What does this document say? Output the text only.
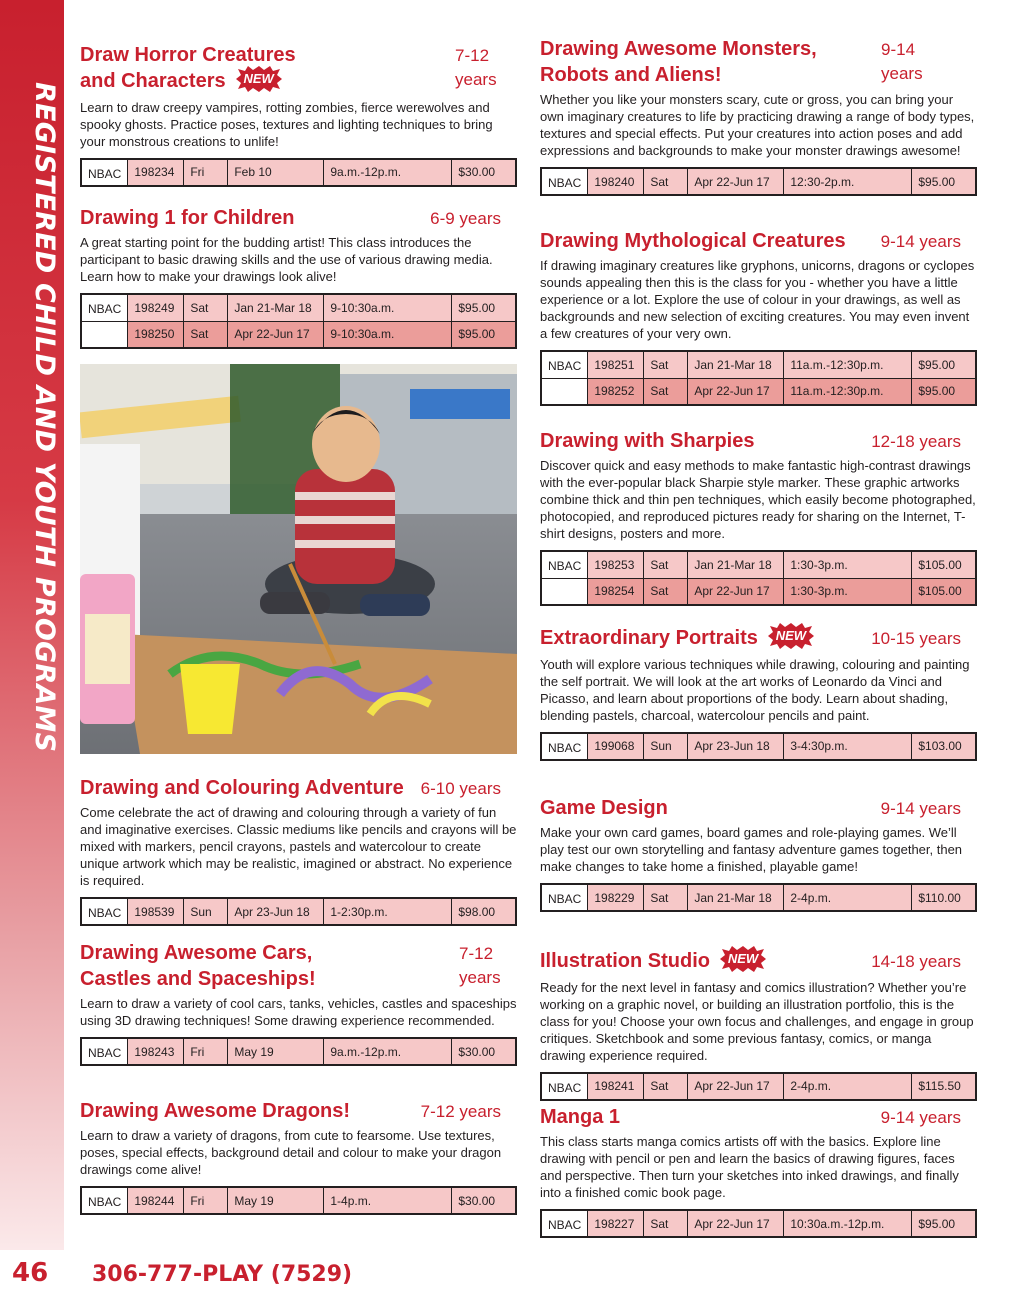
REGISTERED CHILD AND YOUTH PROGRAMS
46 306-777-PLAY (7529)
Draw Horror Creatures and Characters	NEW
7-12 years
Learn to draw creepy vampires, rotting zombies, fierce werewolves and spooky ghosts. Practice poses, textures and lighting techniques to bring your monstrous creations to unlife!
NBAC	198234	Fri	Feb 10	9a.m.-12p.m.	$30.00
Drawing 1 for Children	6-9 years
A great starting point for the budding artist! This class introduces the participant to basic drawing skills and the use of various drawing media. Learn how to make your drawings look alive!
NBAC	198249	Sat	Jan 21-Mar 18	9-10:30a.m.	$95.00
	198250	Sat	Apr 22-Jun 17	9-10:30a.m.	$95.00
Drawing and Colouring Adventure 6-10 years
Come celebrate the act of drawing and colouring through a variety of fun and imaginative exercises. Classic mediums like pencils and crayons will be mixed with markers, pencil crayons, pastels and watercolour to create unique artwork which may be realistic, imagined or abstract. No experience is required.
NBAC	198539	Sun	Apr 23-Jun 18	1-2:30p.m.	$98.00
Drawing Awesome Cars, Castles and Spaceships!
7-12 years
Learn to draw a variety of cool cars, tanks, vehicles, castles and spaceships using 3D drawing techniques! Some drawing experience recommended.
NBAC	198243	Fri	May 19	9a.m.-12p.m.	$30.00
Drawing Awesome Dragons!	7-12 years
Learn to draw a variety of dragons, from cute to fearsome. Use textures, poses, special effects, background detail and colour to make your dragon drawings come alive!
NBAC	198244	Fri	May 19	1-4p.m.	$30.00
Drawing Awesome Monsters, Robots and Aliens!
9-14 years
Whether you like your monsters scary, cute or gross, you can bring your own imaginary creatures to life by practicing drawing a range of body types, textures and special effects. Put your creatures into action poses and add expressions and backgrounds to make your monster drawings awesome!
NBAC	198240	Sat	Apr 22-Jun 17	12:30-2p.m.	$95.00
Drawing Mythological Creatures 9-14 years
If drawing imaginary creatures like gryphons, unicorns, dragons or cyclopes sounds appealing then this is the class for you - whether you have a little experience or a lot. Explore the use of colour in your drawings, as well as backgrounds and new selection of exciting creatures. You may even invent a few creatures of your very own.
NBAC	198251	Sat	Jan 21-Mar 18	11a.m.-12:30p.m.	$95.00
	198252	Sat	Apr 22-Jun 17	11a.m.-12:30p.m.	$95.00
Drawing with Sharpies	12-18 years
Discover quick and easy methods to make fantastic high-contrast drawings with the ever-popular black Sharpie style marker. These graphic artworks combine thick and thin pen techniques, which easily become photographed, photocopied, and reproduced pictures ready for sharing on the Internet, T-shirt designs, posters and more.
NBAC	198253	Sat	Jan 21-Mar 18	1:30-3p.m.	$105.00
	198254	Sat	Apr 22-Jun 17	1:30-3p.m.	$105.00
Extraordinary Portraits	NEW	10-15 years
Youth will explore various techniques while drawing, colouring and painting the self portrait. We will look at the art works of Leonardo da Vinci and Picasso, and learn about proportions of the body. Learn about shading, blending pastels, charcoal, watercolour pencils and paint.
NBAC	199068	Sun	Apr 23-Jun 18	3-4:30p.m.	$103.00
Game Design	9-14 years
Make your own card games, board games and role-playing games. We’ll play test our own storytelling and fantasy adventure games together, then make changes to take home a finished, playable game!
NBAC	198229	Sat	Jan 21-Mar 18	2-4p.m.	$110.00
Illustration Studio	NEW	14-18 years
Ready for the next level in fantasy and comics illustration? Whether you’re working on a graphic novel, or building an illustration portfolio, this is the class for you! Choose your own focus and challenges, and engage in group critiques. Sketchbook and some previous fantasy, comics, or manga drawing experience required.
NBAC	198241	Sat	Apr 22-Jun 17	2-4p.m.	$115.50
Manga 1	9-14 years
This class starts manga comics artists off with the basics. Explore line drawing with pencil or pen and learn the basics of drawing figures, faces and perspective. Then turn your sketches into inked drawings, and finally into a finished comic book page.
NBAC	198227	Sat	Apr 22-Jun 17	10:30a.m.-12p.m.	$95.00
